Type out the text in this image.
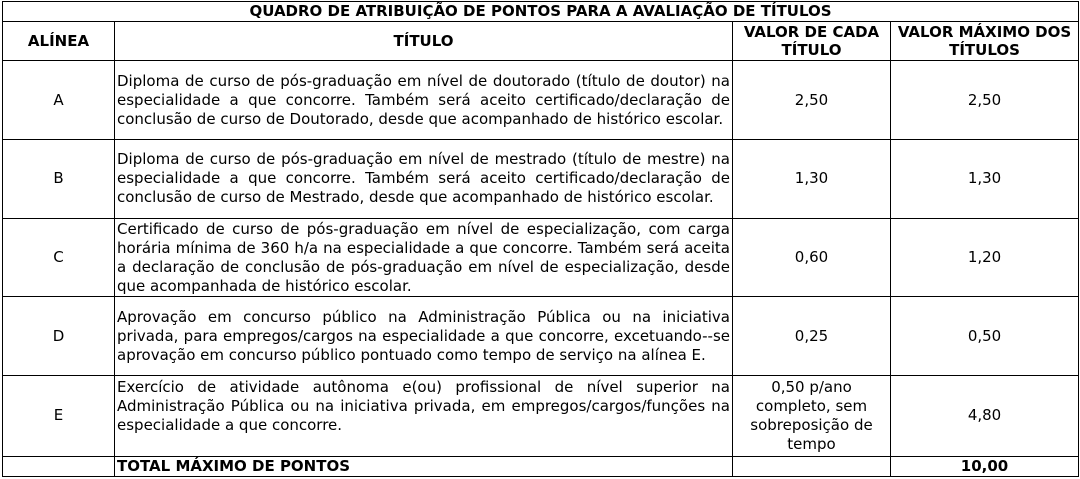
QUADRO DE ATRIBUIÇÃO DE PONTOS PARA A AVALIAÇÃO DE TÍTULOS			
ALÍNEA	TÍTULO	VALOR DE CADA TÍTULO	VALOR MÁXIMO DOS TÍTULOS
A	Diploma de curso de pós-graduação em nível de doutorado (título de doutor) na especialidade a que concorre. Também será aceito certificado/declaração de conclusão de curso de Doutorado, desde que acompanhado de histórico escolar.	2,50	2,50
B	Diploma de curso de pós-graduação em nível de mestrado (título de mestre) na especialidade a que concorre. Também será aceito certificado/declaração de conclusão de curso de Mestrado, desde que acompanhado de histórico escolar.	1,30	1,30
C	Certificado de curso de pós-graduação em nível de especialização, com carga horária mínima de 360 h/a na especialidade a que concorre. Também será aceita a declaração de conclusão de pós-graduação em nível de especialização, desde que acompanhada de histórico escolar.	0,60	1,20
D	Aprovação em concurso público na Administração Pública ou na iniciativa privada, para empregos/cargos na especialidade a que concorre, excetuando--se aprovação em concurso público pontuado como tempo de serviço na alínea E.	0,25	0,50
E	Exercício de atividade autônoma e(ou) profissional de nível superior na Administração Pública ou na iniciativa privada, em empregos/cargos/funções na especialidade a que concorre.	0,50 p/ano completo, sem sobreposição de tempo	4,80
	TOTAL MÁXIMO DE PONTOS		10,00
